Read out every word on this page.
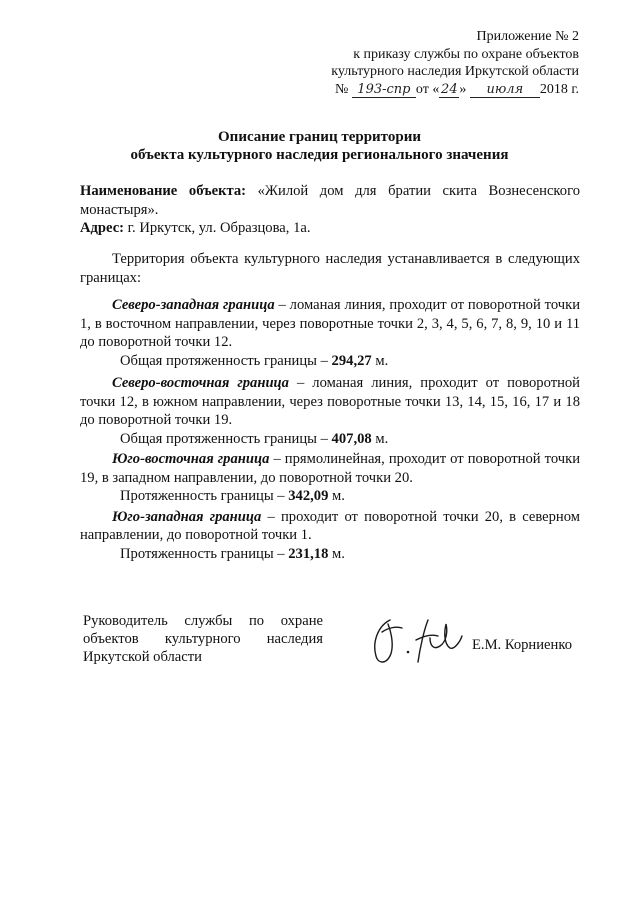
Приложение № 2
к приказу службы по охране объектов
культурного наследия Иркутской области
№ 193-спр от « 24 » июля 2018 г.
Описание границ территории
объекта культурного наследия регионального значения
Наименование объекта: «Жилой дом для братии скита Вознесенского монастыря».
Адрес: г. Иркутск, ул. Образцова, 1а.
Территория объекта культурного наследия устанавливается в следующих границах:
Северо-западная граница – ломаная линия, проходит от поворотной точки 1, в восточном направлении, через поворотные точки 2, 3, 4, 5, 6, 7, 8, 9, 10 и 11 до поворотной точки 12.
Общая протяженность границы – 294,27 м.
Северо-восточная граница – ломаная линия, проходит от поворотной точки 12, в южном направлении, через поворотные точки 13, 14, 15, 16, 17 и 18 до поворотной точки 19.
Общая протяженность границы – 407,08 м.
Юго-восточная граница – прямолинейная, проходит от поворотной точки 19, в западном направлении, до поворотной точки 20.
Протяженность границы – 342,09 м.
Юго-западная граница – проходит от поворотной точки 20, в северном направлении, до поворотной точки 1.
Протяженность границы – 231,18 м.
Руководитель службы по охране
объектов культурного наследия
Иркутской области
Е.М. Корниенко
